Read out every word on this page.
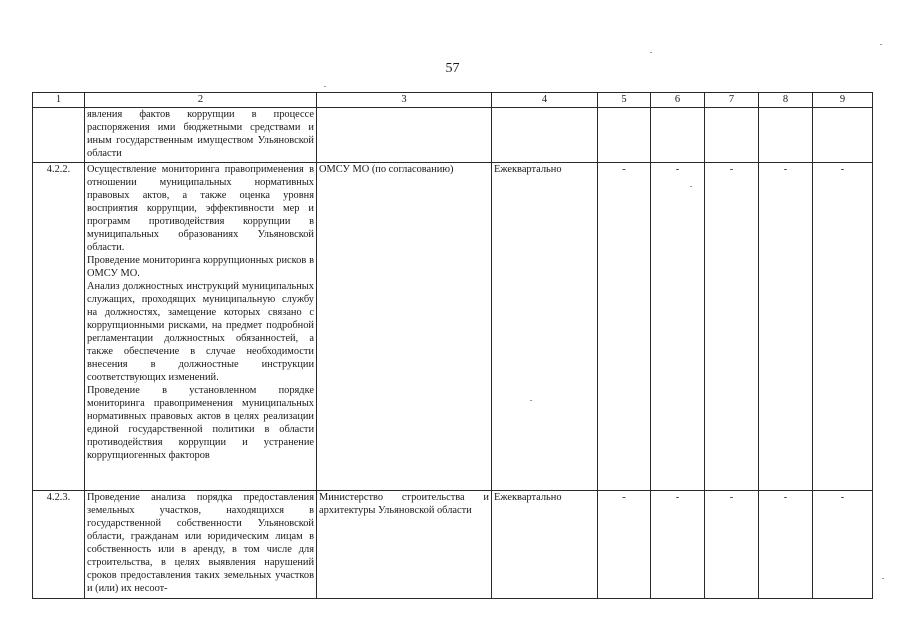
57
1	2	3	4	5	6	7	8	9

	явления фактов коррупции в процессе распоряжения ими бюджетными средствами и иным государственным имуществом Ульяновской области							

4.2.2.	Осуществление мониторинга правоприменения в отношении муниципальных нормативных правовых актов, а также оценка уровня восприятия коррупции, эффективности мер и программ противодействия коррупции в муниципальных образованиях Ульяновской области.
Проведение мониторинга коррупционных рисков в ОМСУ МО.
Анализ должностных инструкций муниципальных служащих, проходящих муниципальную службу на должностях, замещение которых связано с коррупционными рисками, на предмет подробной регламентации должностных обязанностей, а также обеспечение в случае необходимости внесения в должностные инструкции соответствующих изменений.
Проведение в установленном порядке мониторинга правоприменения муниципальных нормативных правовых актов в целях реализации единой государственной политики в области противодействия коррупции и устранение коррупциогенных факторов	ОМСУ МО (по согласованию)	Ежеквартально	-	-	-	-	-
4.2.3.	Проведение анализа порядка предоставления земельных участков, находящихся в государственной собственности Ульяновской области, гражданам или юридическим лицам в собственность или в аренду, в том числе для строительства, в целях выявления нарушений сроков предоставления таких земельных участков и (или) их несоот-	Министерство строительства и архитектуры Ульяновской области	Ежеквартально	-	-	-	-	-
